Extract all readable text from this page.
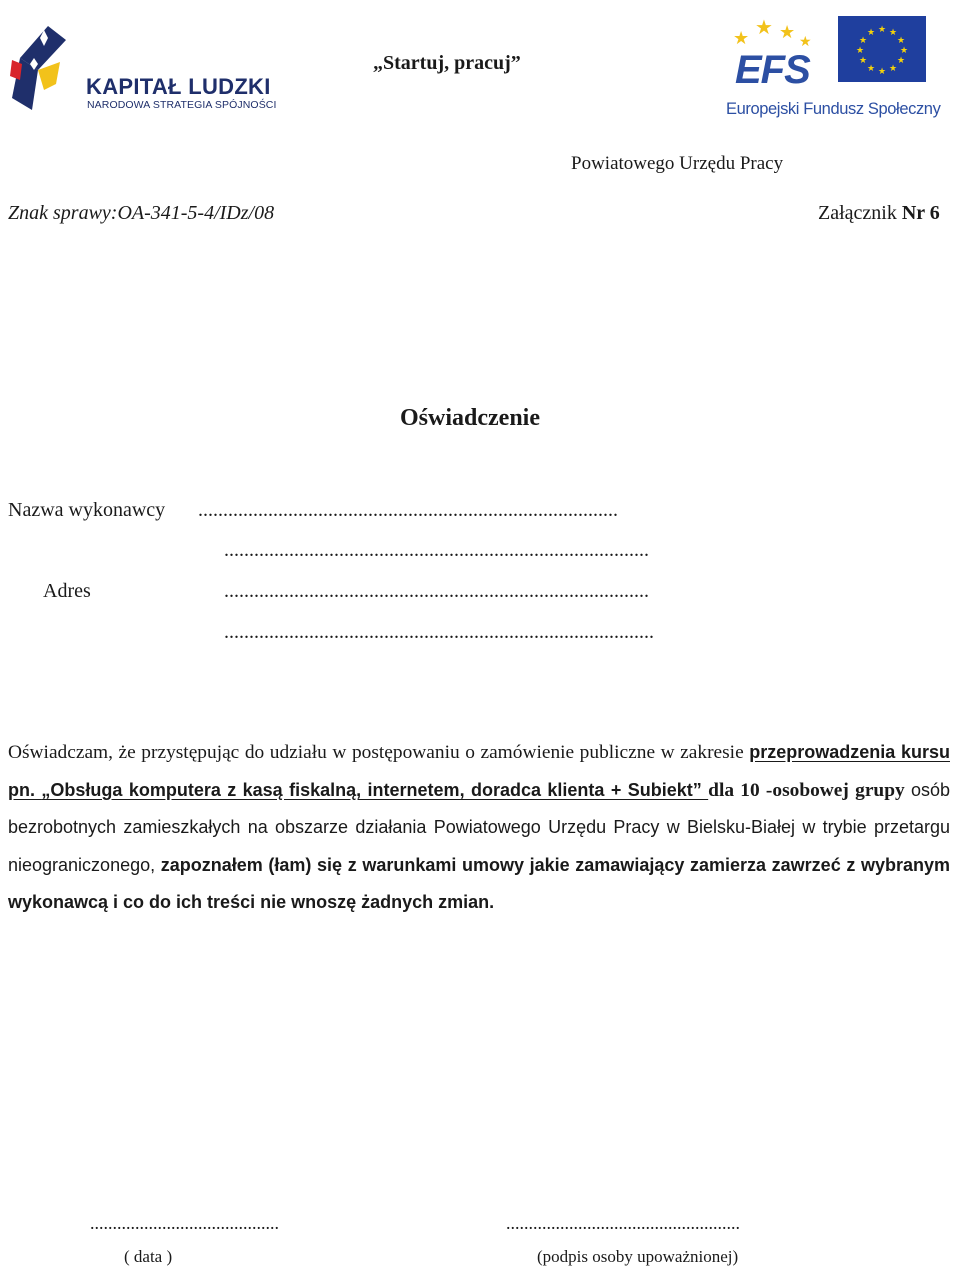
KAPITAŁ LUDZKI
NARODOWA STRATEGIA SPÓJNOŚCI
„Startuj, pracuj”
★ ★ ★ ★
EFS
★ ★
★
★
★
★
★
★
★
★
★
★
Europejski Fundusz Społeczny
Powiatowego Urzędu Pracy
Znak sprawy:OA-341-5-4/IDz/08	Załącznik Nr 6
Oświadczenie
Nazwa wykonawcy ....................................................................................
.....................................................................................
Adres	.....................................................................................
......................................................................................
Oświadczam, że przystępując do udziału w postępowaniu o zamówienie publiczne w zakresie przeprowadzenia kursu pn. „Obsługa komputera z kasą fiskalną, internetem, doradca klienta + Subiekt” dla 10 -osobowej grupy osób bezrobotnych zamieszkałych na obszarze działania Powiatowego Urzędu Pracy w Bielsku-Białej w trybie przetargu nieograniczonego, zapoznałem (łam) się z warunkami umowy jakie zamawiający zamierza zawrzeć z wybranym wykonawcą i co do ich treści nie wnoszę żadnych zmian.
..........................................
( data )
....................................................
(podpis osoby upoważnionej)
